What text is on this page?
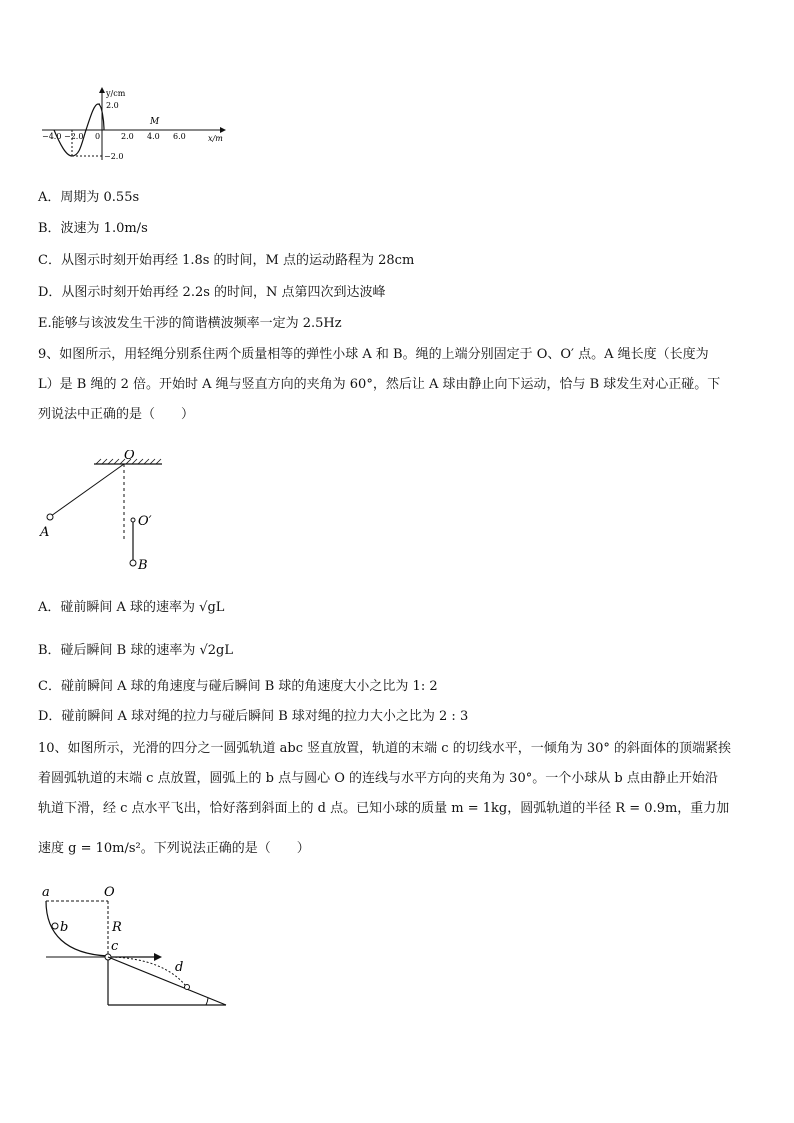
y/cm
2.0
−2.0
−4.0 −2.0 0	2.0 4.0 6.0	x/m
M
A．周期为 0.55s
B．波速为 1.0m/s
C．从图示时刻开始再经 1.8s 的时间，M 点的运动路程为 28cm
D．从图示时刻开始再经 2.2s 的时间，N 点第四次到达波峰
E.能够与该波发生干涉的简谐横波频率一定为 2.5Hz
9、如图所示，用轻绳分别系住两个质量相等的弹性小球 A 和 B。绳的上端分别固定于 O、O′ 点。A 绳长度（长度为
L）是 B 绳的 2 倍。开始时 A 绳与竖直方向的夹角为 60°，然后让 A 球由静止向下运动，恰与 B 球发生对心正碰。下
列说法中正确的是（　　）
O
O′
A
B
A．碰前瞬间 A 球的速率为 √gL
B．碰后瞬间 B 球的速率为 √2gL
C．碰前瞬间 A 球的角速度与碰后瞬间 B 球的角速度大小之比为 1: 2
D．碰前瞬间 A 球对绳的拉力与碰后瞬间 B 球对绳的拉力大小之比为 2 : 3
10、如图所示，光滑的四分之一圆弧轨道 abc 竖直放置，轨道的末端 c 的切线水平，一倾角为 30° 的斜面体的顶端紧挨
着圆弧轨道的末端 c 点放置，圆弧上的 b 点与圆心 O 的连线与水平方向的夹角为 30°。一个小球从 b 点由静止开始沿
轨道下滑，经 c 点水平飞出，恰好落到斜面上的 d 点。已知小球的质量 m = 1kg，圆弧轨道的半径 R = 0.9m，重力加
速度 g = 10m/s²。下列说法正确的是（　　）
a	O
b	R
c
d
